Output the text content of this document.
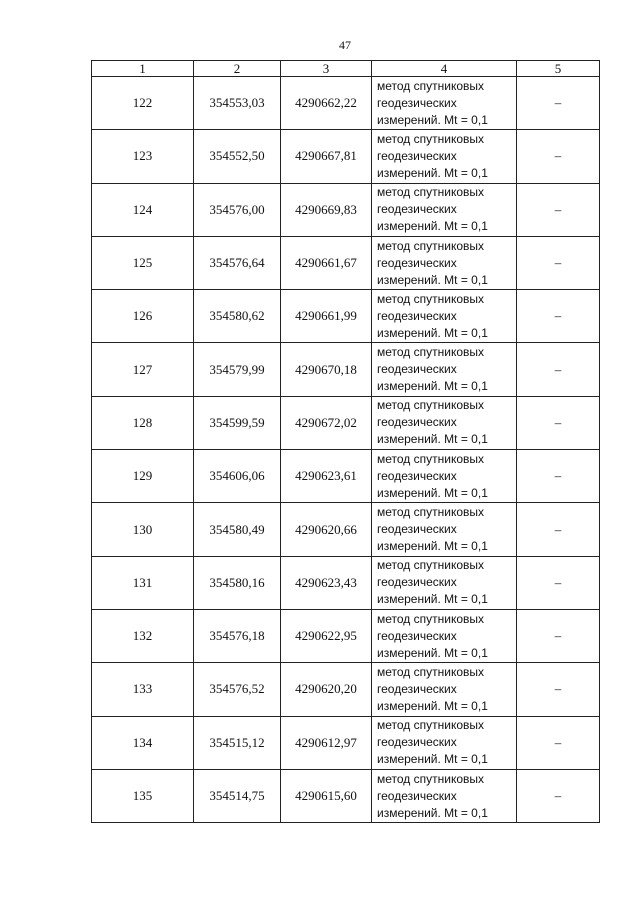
47
1	2	3	4	5
122	354553,03	4290662,22	метод спутниковых
геодезических
измерений. Mt = 0,1	–
123	354552,50	4290667,81	метод спутниковых
геодезических
измерений. Mt = 0,1	–
124	354576,00	4290669,83	метод спутниковых
геодезических
измерений. Mt = 0,1	–
125	354576,64	4290661,67	метод спутниковых
геодезических
измерений. Mt = 0,1	–
126	354580,62	4290661,99	метод спутниковых
геодезических
измерений. Mt = 0,1	–
127	354579,99	4290670,18	метод спутниковых
геодезических
измерений. Mt = 0,1	–
128	354599,59	4290672,02	метод спутниковых
геодезических
измерений. Mt = 0,1	–
129	354606,06	4290623,61	метод спутниковых
геодезических
измерений. Mt = 0,1	–
130	354580,49	4290620,66	метод спутниковых
геодезических
измерений. Mt = 0,1	–
131	354580,16	4290623,43	метод спутниковых
геодезических
измерений. Mt = 0,1	–
132	354576,18	4290622,95	метод спутниковых
геодезических
измерений. Mt = 0,1	–
133	354576,52	4290620,20	метод спутниковых
геодезических
измерений. Mt = 0,1	–
134	354515,12	4290612,97	метод спутниковых
геодезических
измерений. Mt = 0,1	–
135	354514,75	4290615,60	метод спутниковых
геодезических
измерений. Mt = 0,1	–
